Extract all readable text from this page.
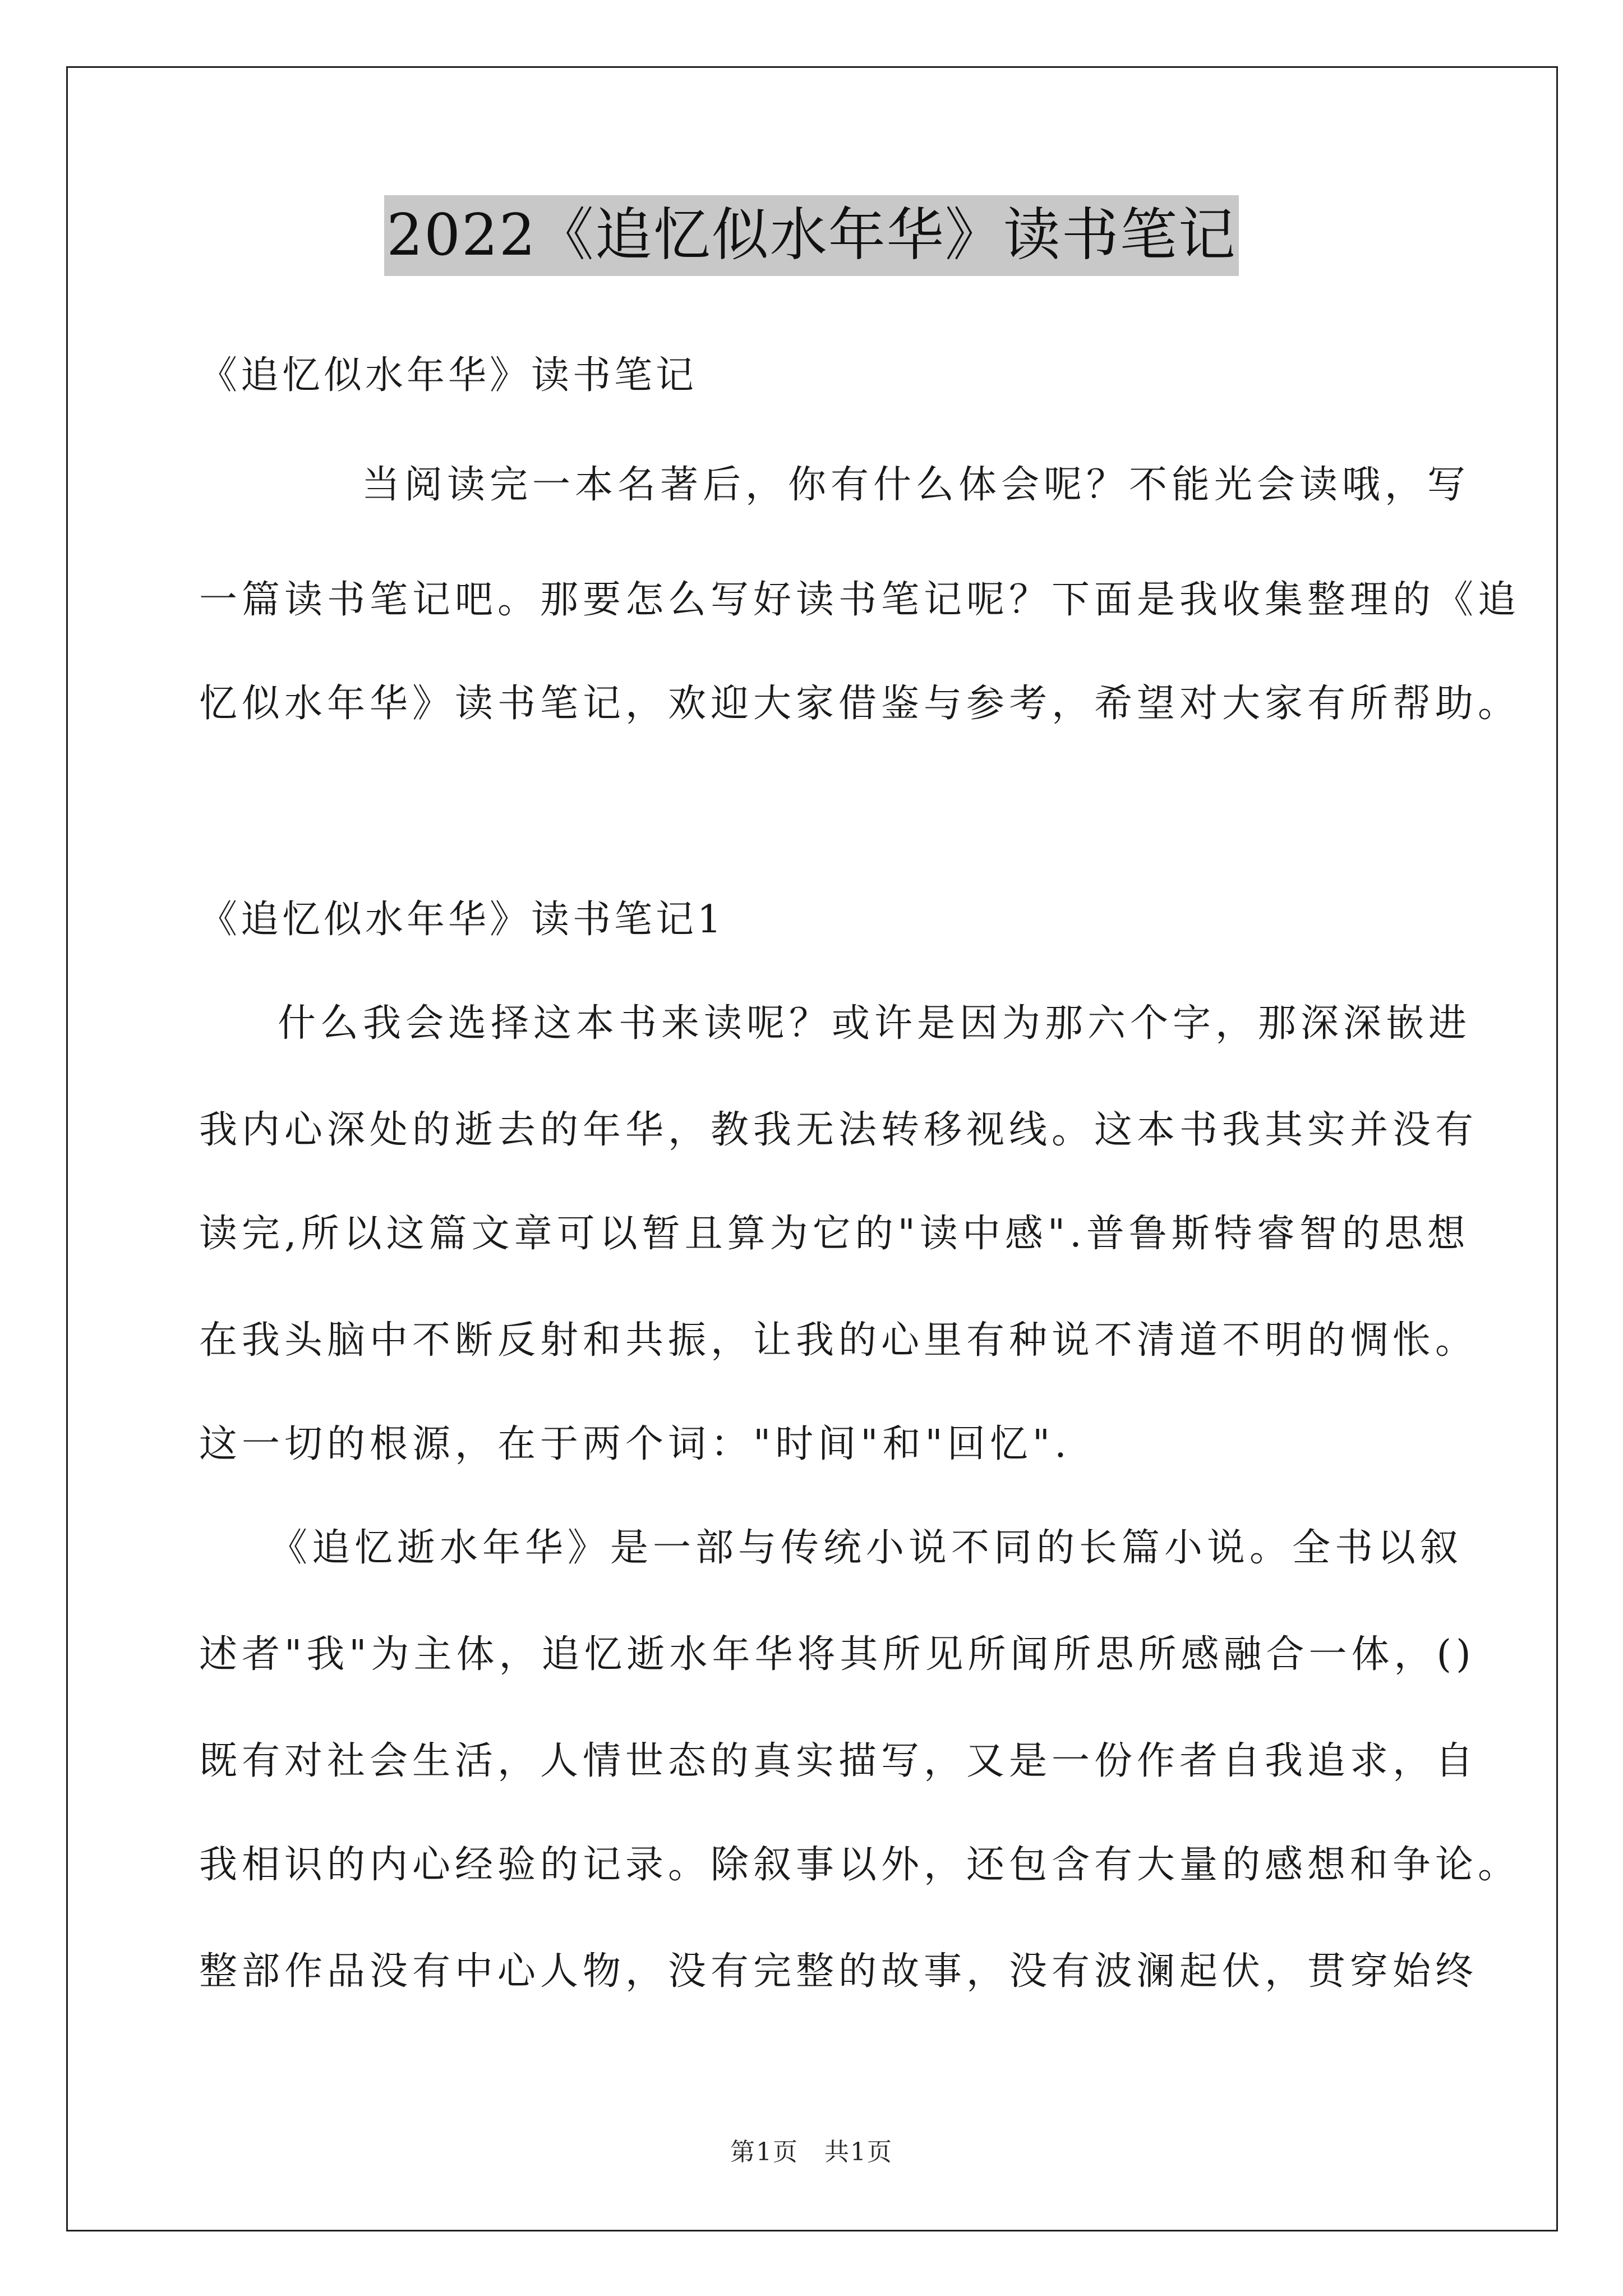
2022《追忆似水年华》读书笔记
《追忆似水年华》读书笔记
当阅读完一本名著后，你有什么体会呢？不能光会读哦，写
一篇读书笔记吧。那要怎么写好读书笔记呢？下面是我收集整理的《追
忆似水年华》读书笔记，欢迎大家借鉴与参考，希望对大家有所帮助。
《追忆似水年华》读书笔记1
什么我会选择这本书来读呢？或许是因为那六个字，那深深嵌进
我内心深处的逝去的年华，教我无法转移视线。这本书我其实并没有
读完,所以这篇文章可以暂且算为它的"读中感".普鲁斯特睿智的思想
在我头脑中不断反射和共振，让我的心里有种说不清道不明的惆怅。
这一切的根源，在于两个词："时间"和"回忆".
《追忆逝水年华》是一部与传统小说不同的长篇小说。全书以叙
述者"我"为主体，追忆逝水年华将其所见所闻所思所感融合一体，()
既有对社会生活，人情世态的真实描写，又是一份作者自我追求，自
我相识的内心经验的记录。除叙事以外，还包含有大量的感想和争论。
整部作品没有中心人物，没有完整的故事，没有波澜起伏，贯穿始终
第1页　共1页
